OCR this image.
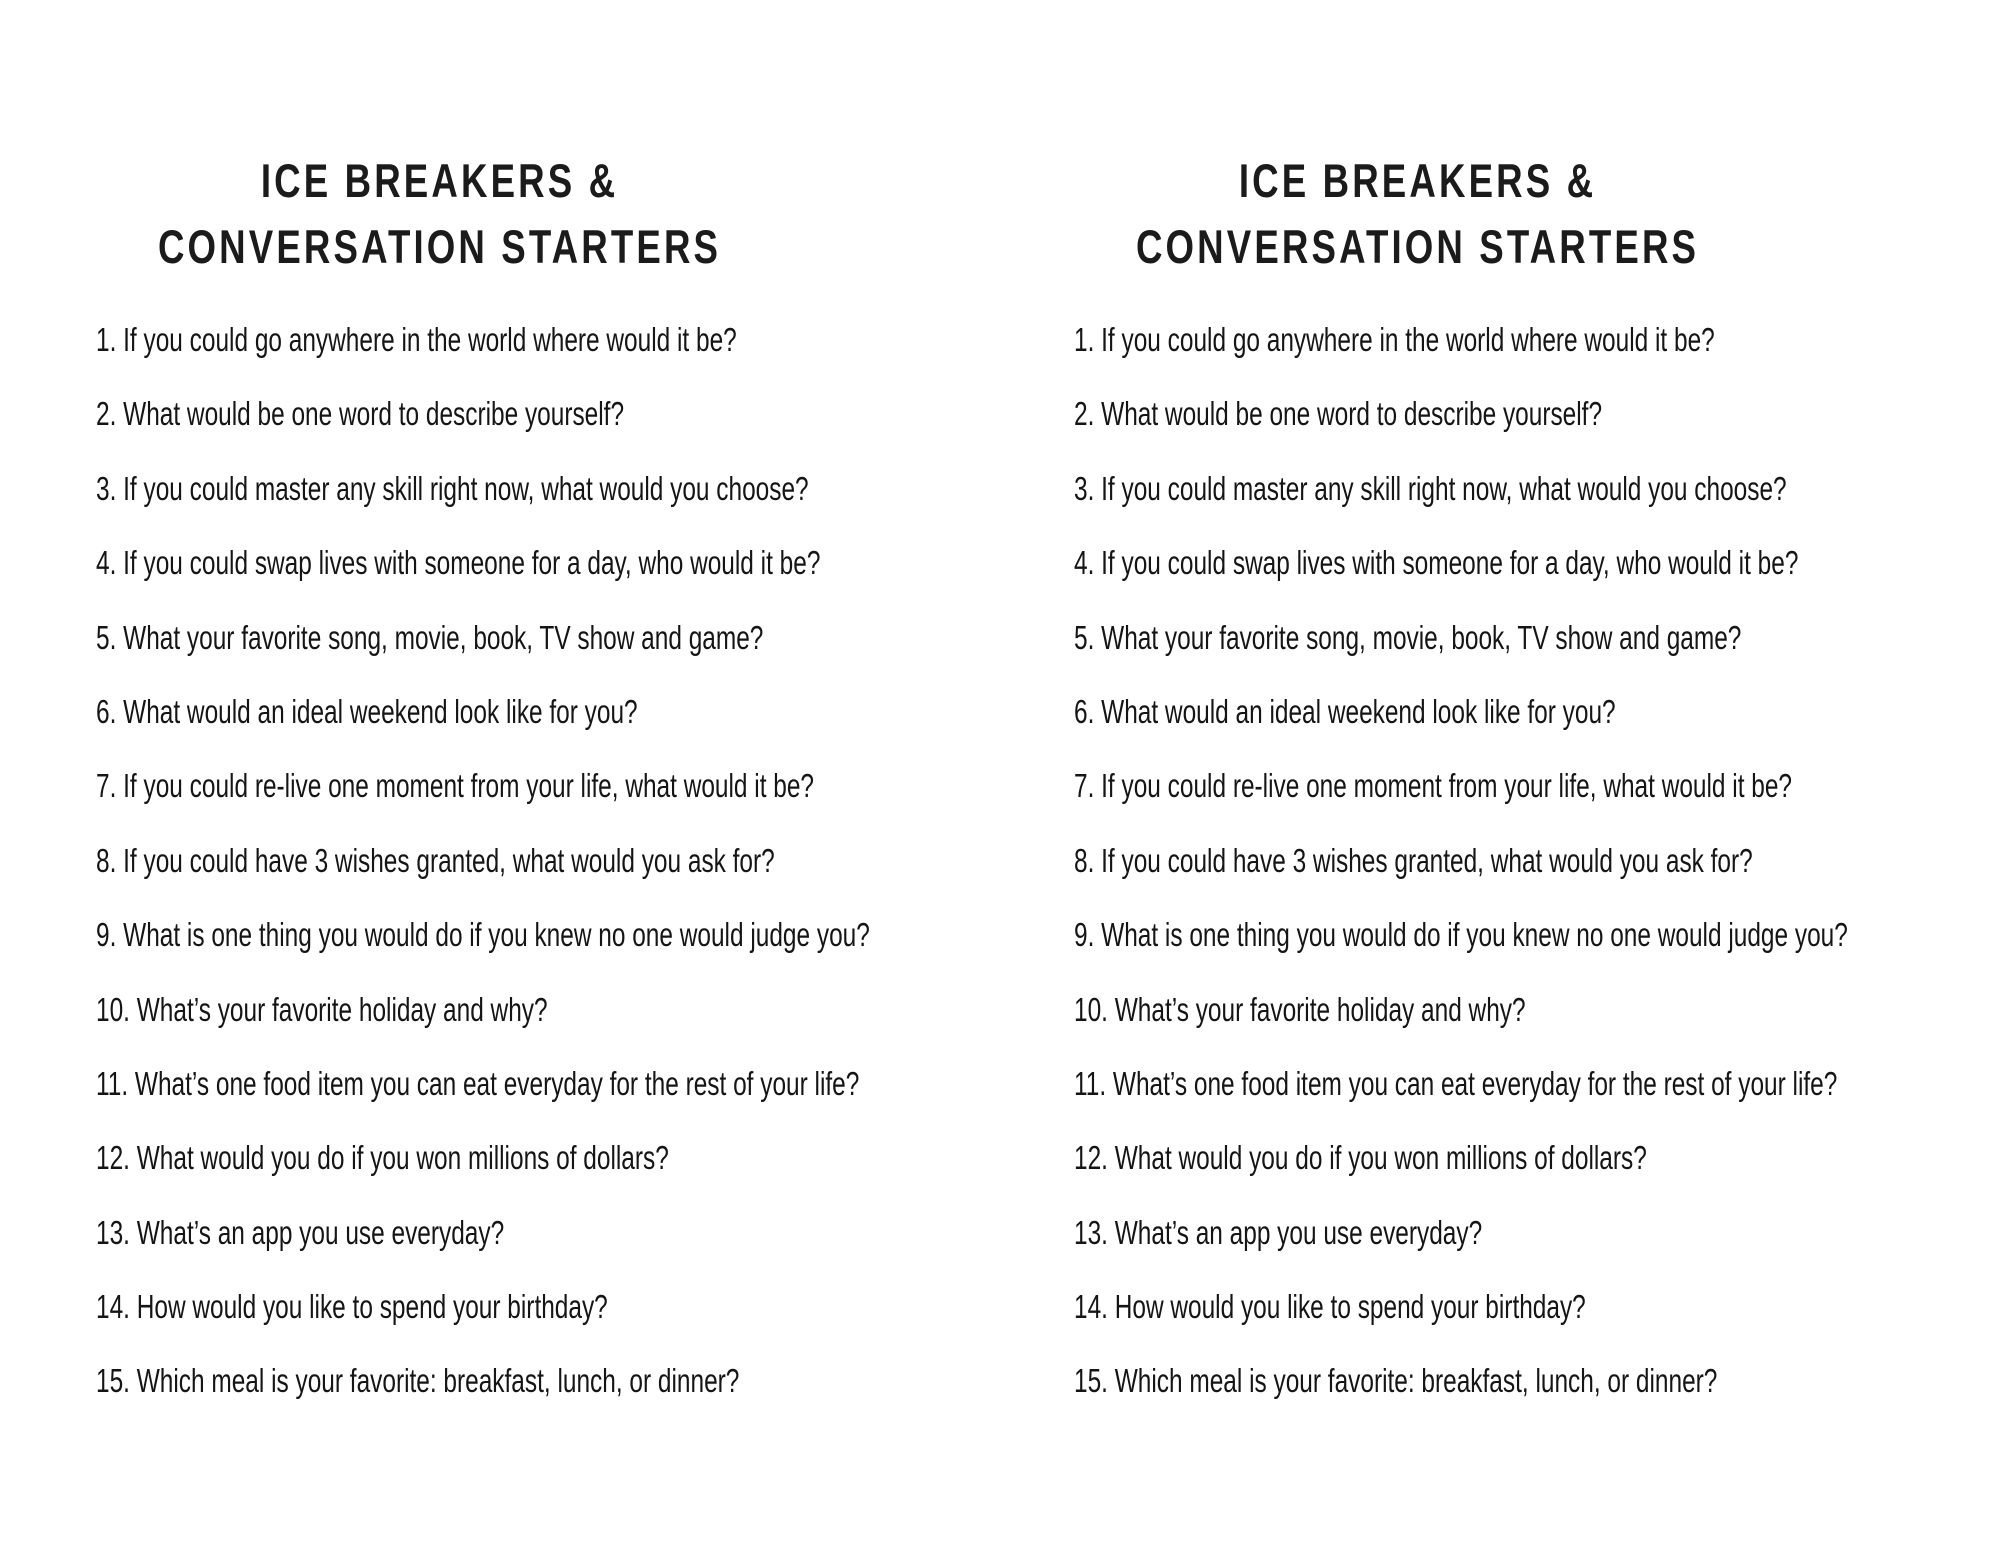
ICE BREAKERS &
CONVERSATION STARTERS
1. If you could go anywhere in the world where would it be?
2. What would be one word to describe yourself?
3. If you could master any skill right now, what would you choose?
4. If you could swap lives with someone for a day, who would it be?
5. What your favorite song, movie, book, TV show and game?
6. What would an ideal weekend look like for you?
7. If you could re-live one moment from your life, what would it be?
8. If you could have 3 wishes granted, what would you ask for?
9. What is one thing you would do if you knew no one would judge you?
10. What’s your favorite holiday and why?
11. What’s one food item you can eat everyday for the rest of your life?
12. What would you do if you won millions of dollars?
13. What’s an app you use everyday?
14. How would you like to spend your birthday?
15. Which meal is your favorite: breakfast, lunch, or dinner?
ICE BREAKERS &
CONVERSATION STARTERS
1. If you could go anywhere in the world where would it be?
2. What would be one word to describe yourself?
3. If you could master any skill right now, what would you choose?
4. If you could swap lives with someone for a day, who would it be?
5. What your favorite song, movie, book, TV show and game?
6. What would an ideal weekend look like for you?
7. If you could re-live one moment from your life, what would it be?
8. If you could have 3 wishes granted, what would you ask for?
9. What is one thing you would do if you knew no one would judge you?
10. What’s your favorite holiday and why?
11. What’s one food item you can eat everyday for the rest of your life?
12. What would you do if you won millions of dollars?
13. What’s an app you use everyday?
14. How would you like to spend your birthday?
15. Which meal is your favorite: breakfast, lunch, or dinner?
